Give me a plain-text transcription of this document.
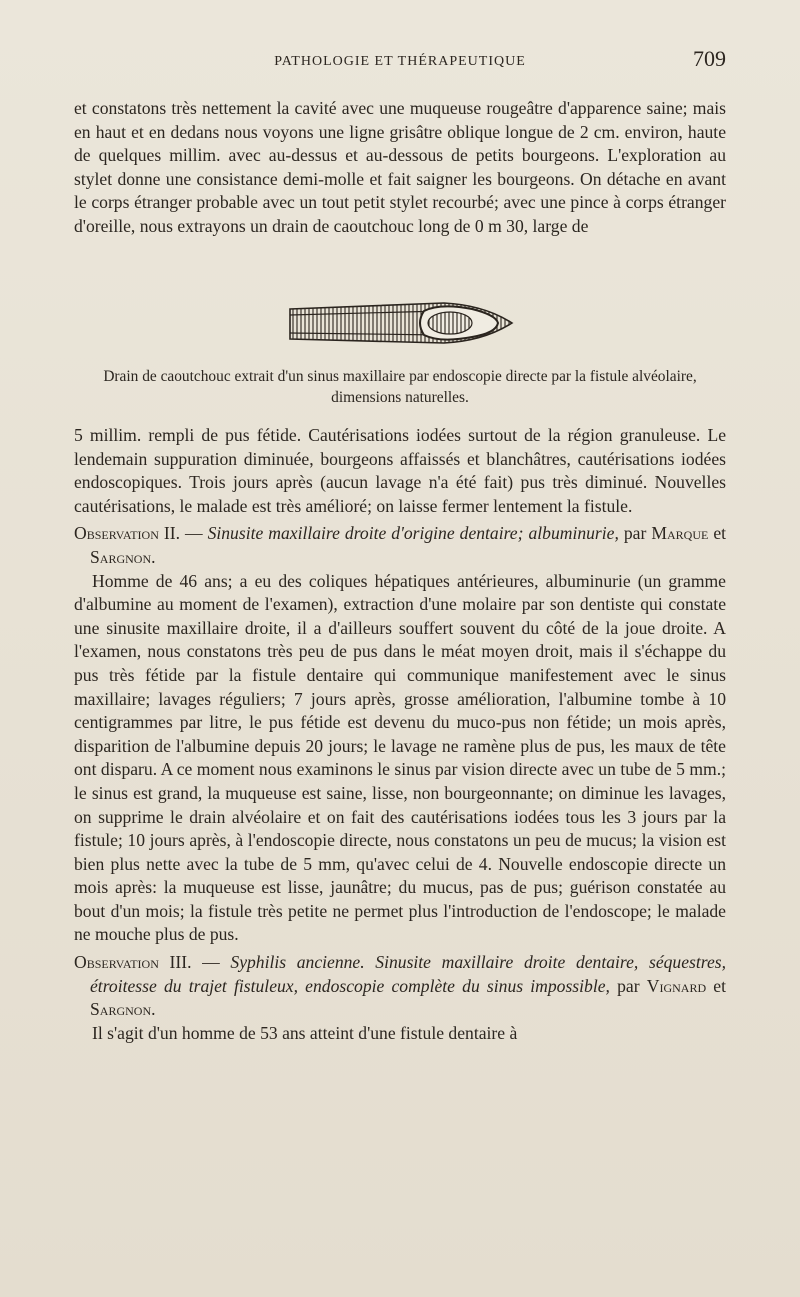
PATHOLOGIE ET THÉRAPEUTIQUE	709

et constatons très nettement la cavité avec une muqueuse rougeâtre d'apparence saine; mais en haut et en dedans nous voyons une ligne grisâtre oblique longue de 2 cm. environ, haute de quelques millim. avec au-dessus et au-dessous de petits bourgeons. L'exploration au stylet donne une consistance demi-molle et fait saigner les bourgeons. On détache en avant le corps étranger probable avec un tout petit stylet recourbé; avec une pince à corps étranger d'oreille, nous extrayons un drain de caoutchouc long de 0 m 30, large de

Drain de caoutchouc extrait d'un sinus maxillaire par endoscopie directe par la fistule alvéolaire, dimensions naturelles.

5 millim. rempli de pus fétide. Cautérisations iodées surtout de la région granuleuse. Le lendemain suppuration diminuée, bourgeons affaissés et blanchâtres, cautérisations iodées endoscopiques. Trois jours après (aucun lavage n'a été fait) pus très diminué. Nouvelles cautérisations, le malade est très amélioré; on laisse fermer lentement la fistule.

Observation II. — Sinusite maxillaire droite d'origine dentaire; albuminurie, par Marque et Sargnon.

Homme de 46 ans; a eu des coliques hépatiques antérieures, albuminurie (un gramme d'albumine au moment de l'examen), extraction d'une molaire par son dentiste qui constate une sinusite maxillaire droite, il a d'ailleurs souffert souvent du côté de la joue droite. A l'examen, nous constatons très peu de pus dans le méat moyen droit, mais il s'échappe du pus très fétide par la fistule dentaire qui communique manifestement avec le sinus maxillaire; lavages réguliers; 7 jours après, grosse amélioration, l'albumine tombe à 10 centigrammes par litre, le pus fétide est devenu du muco-pus non fétide; un mois après, disparition de l'albumine depuis 20 jours; le lavage ne ramène plus de pus, les maux de tête ont disparu. A ce moment nous examinons le sinus par vision directe avec un tube de 5 mm.; le sinus est grand, la muqueuse est saine, lisse, non bourgeonnante; on diminue les lavages, on supprime le drain alvéolaire et on fait des cautérisations iodées tous les 3 jours par la fistule; 10 jours après, à l'endoscopie directe, nous constatons un peu de mucus; la vision est bien plus nette avec la tube de 5 mm, qu'avec celui de 4. Nouvelle endoscopie directe un mois après: la muqueuse est lisse, jaunâtre; du mucus, pas de pus; guérison constatée au bout d'un mois; la fistule très petite ne permet plus l'introduction de l'endoscope; le malade ne mouche plus de pus.

Observation III. — Syphilis ancienne. Sinusite maxillaire droite dentaire, séquestres, étroitesse du trajet fistuleux, endoscopie complète du sinus impossible, par Vignard et Sargnon.

Il s'agit d'un homme de 53 ans atteint d'une fistule dentaire à
